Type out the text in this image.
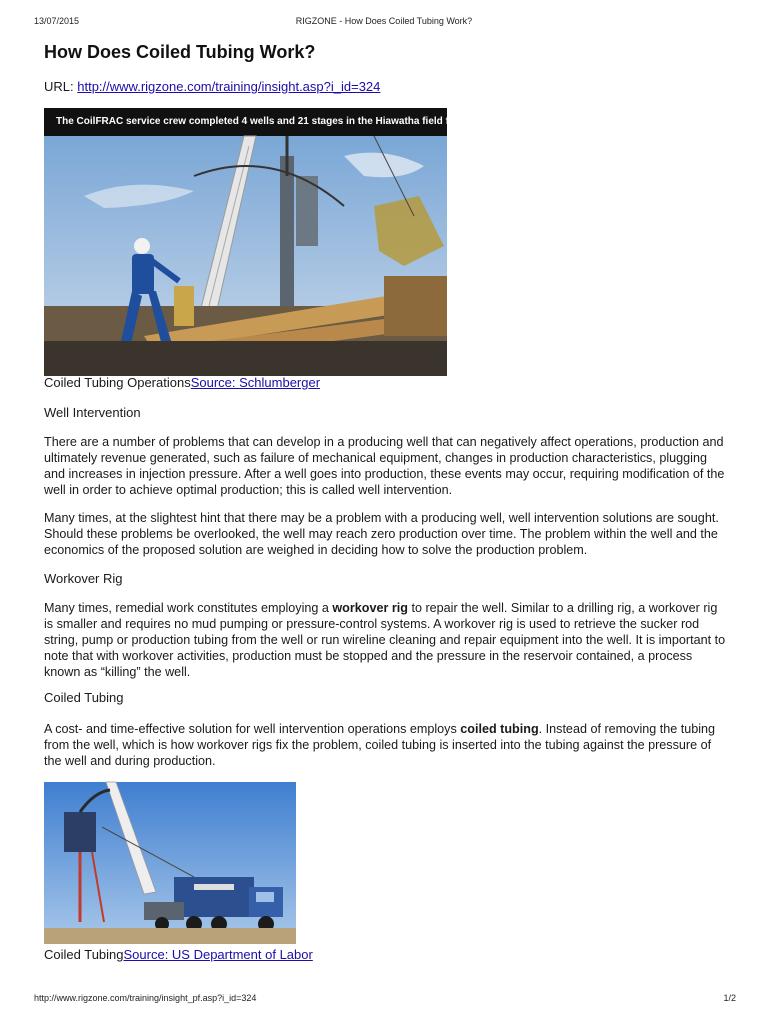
13/07/2015	RIGZONE - How Does Coiled Tubing Work?
How Does Coiled Tubing Work?
URL: http://www.rigzone.com/training/insight.asp?i_id=324
The CoilFRAC service crew completed 4 wells and 21 stages in the Hiawatha field for Texaco.
Coiled Tubing OperationsSource: Schlumberger
Well Intervention

There are a number of problems that can develop in a producing well that can negatively affect operations, production and ultimately revenue generated, such as failure of mechanical equipment, changes in production characteristics, plugging and increases in injection pressure. After a well goes into production, these events may occur, requiring modification of the well in order to achieve optimal production; this is called well intervention.

Many times, at the slightest hint that there may be a problem with a producing well, well intervention solutions are sought. Should these problems be overlooked, the well may reach zero production over time. The problem within the well and the economics of the proposed solution are weighed in deciding how to solve the production problem.

Workover Rig

Many times, remedial work constitutes employing a workover rig to repair the well. Similar to a drilling rig, a workover rig is smaller and requires no mud pumping or pressure-control systems. A workover rig is used to retrieve the sucker rod string, pump or production tubing from the well or run wireline cleaning and repair equipment into the well. It is important to note that with workover activities, production must be stopped and the pressure in the reservoir contained, a process known as “killing” the well.

Coiled Tubing

A cost- and time-effective solution for well intervention operations employs coiled tubing. Instead of removing the tubing from the well, which is how workover rigs fix the problem, coiled tubing is inserted into the tubing against the pressure of the well and during production.

Coiled TubingSource: US Department of Labor
http://www.rigzone.com/training/insight_pf.asp?i_id=324	1/2
